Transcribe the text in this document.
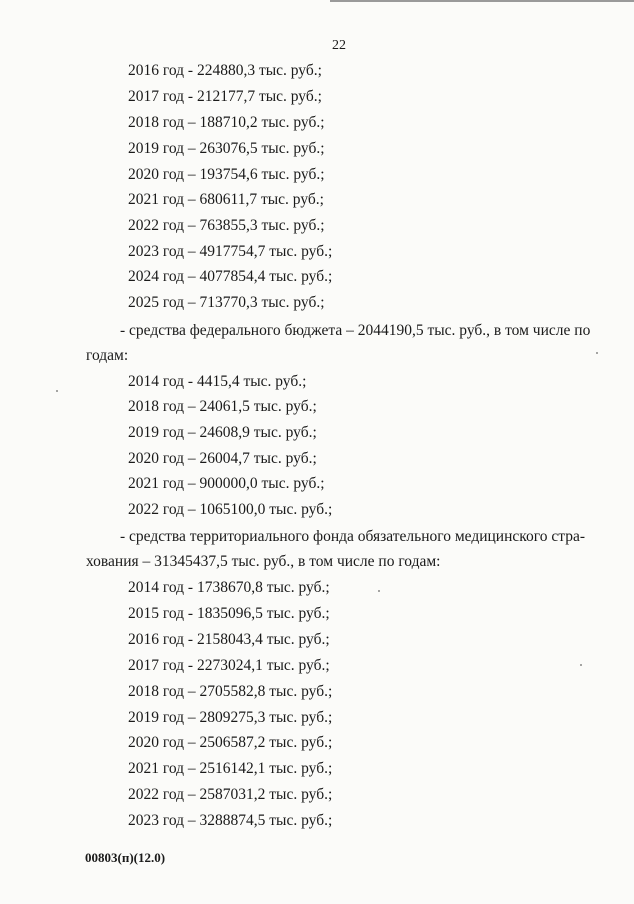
22
2016 год - 224880,3 тыс. руб.;
2017 год - 212177,7 тыс. руб.;
2018 год – 188710,2 тыс. руб.;
2019 год – 263076,5 тыс. руб.;
2020 год – 193754,6 тыс. руб.;
2021 год – 680611,7 тыс. руб.;
2022 год – 763855,3 тыс. руб.;
2023 год – 4917754,7 тыс. руб.;
2024 год – 4077854,4 тыс. руб.;
2025 год – 713770,3 тыс. руб.;
- средства федерального бюджета – 2044190,5 тыс. руб., в том числе по
годам:
2014 год - 4415,4 тыс. руб.;
2018 год – 24061,5 тыс. руб.;
2019 год – 24608,9 тыс. руб.;
2020 год – 26004,7 тыс. руб.;
2021 год – 900000,0 тыс. руб.;
2022 год – 1065100,0 тыс. руб.;
- средства территориального фонда обязательного медицинского стра-
хования – 31345437,5 тыс. руб., в том числе по годам:
2014 год - 1738670,8 тыс. руб.;
2015 год - 1835096,5 тыс. руб.;
2016 год - 2158043,4 тыс. руб.;
2017 год - 2273024,1 тыс. руб.;
2018 год – 2705582,8 тыс. руб.;
2019 год – 2809275,3 тыс. руб.;
2020 год – 2506587,2 тыс. руб.;
2021 год – 2516142,1 тыс. руб.;
2022 год – 2587031,2 тыс. руб.;
2023 год – 3288874,5 тыс. руб.;
00803(п)(12.0)
